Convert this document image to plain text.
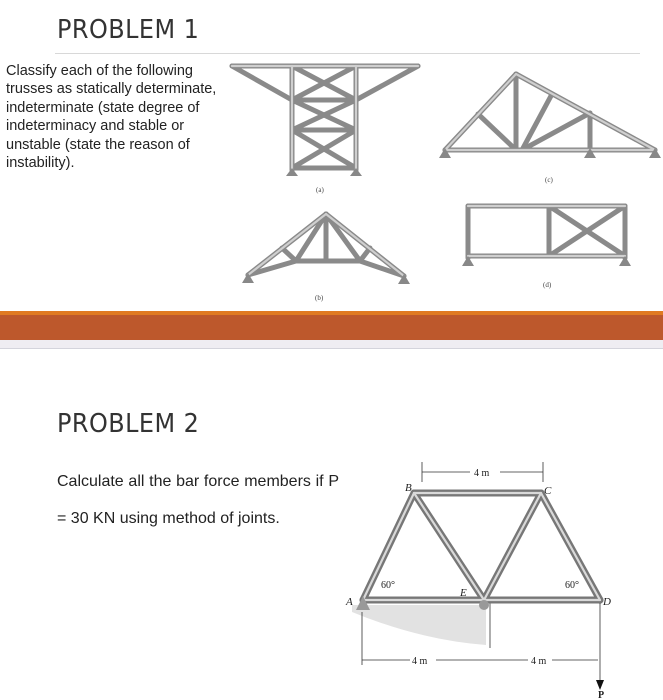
PROBLEM 1
Classify each of the following trusses as statically determinate, indeterminate (state degree of indeterminacy and stable or unstable (state the reason of instability).
(a)
(c)
(b)
(d)
A
B	C
D
E
60°	60°
4 m
4 m	4 m
P
PROBLEM 2
Calculate all the bar force members if P = 30 KN using method of joints.
